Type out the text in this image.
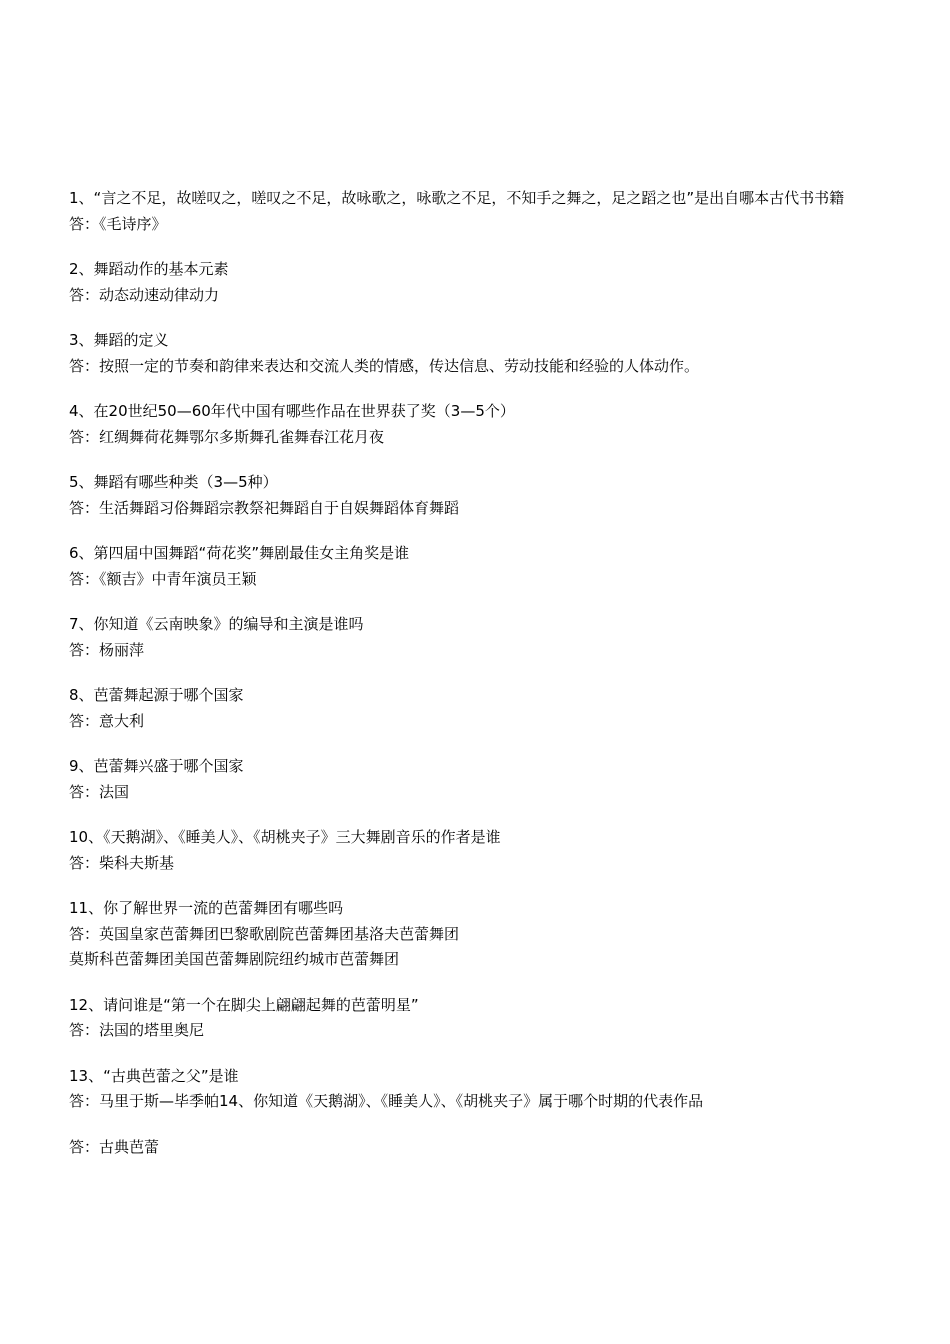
1、“言之不足，故嗟叹之，嗟叹之不足，故咏歌之，咏歌之不足，不知手之舞之，足之蹈之也”是出自哪本古代书书籍
答：《毛诗序》
2、舞蹈动作的基本元素
答：动态动速动律动力
3、舞蹈的定义
答：按照一定的节奏和韵律来表达和交流人类的情感，传达信息、劳动技能和经验的人体动作。
4、在20世纪50—60年代中国有哪些作品在世界获了奖（3—5个）
答：红绸舞荷花舞鄂尔多斯舞孔雀舞春江花月夜
5、舞蹈有哪些种类（3—5种）
答：生活舞蹈习俗舞蹈宗教祭祀舞蹈自于自娱舞蹈体育舞蹈
6、第四届中国舞蹈“荷花奖”舞剧最佳女主角奖是谁
答：《额吉》中青年演员王颖
7、你知道《云南映象》的编导和主演是谁吗
答：杨丽萍
8、芭蕾舞起源于哪个国家
答：意大利
9、芭蕾舞兴盛于哪个国家
答：法国
10、《天鹅湖》、《睡美人》、《胡桃夹子》三大舞剧音乐的作者是谁
答：柴科夫斯基
11、你了解世界一流的芭蕾舞团有哪些吗
答：英国皇家芭蕾舞团巴黎歌剧院芭蕾舞团基洛夫芭蕾舞团
莫斯科芭蕾舞团美国芭蕾舞剧院纽约城市芭蕾舞团
12、请问谁是“第一个在脚尖上翩翩起舞的芭蕾明星”
答：法国的塔里奥尼
13、“古典芭蕾之父”是谁
答：马里于斯—毕季帕14、你知道《天鹅湖》、《睡美人》、《胡桃夹子》属于哪个时期的代表作品
答：古典芭蕾
